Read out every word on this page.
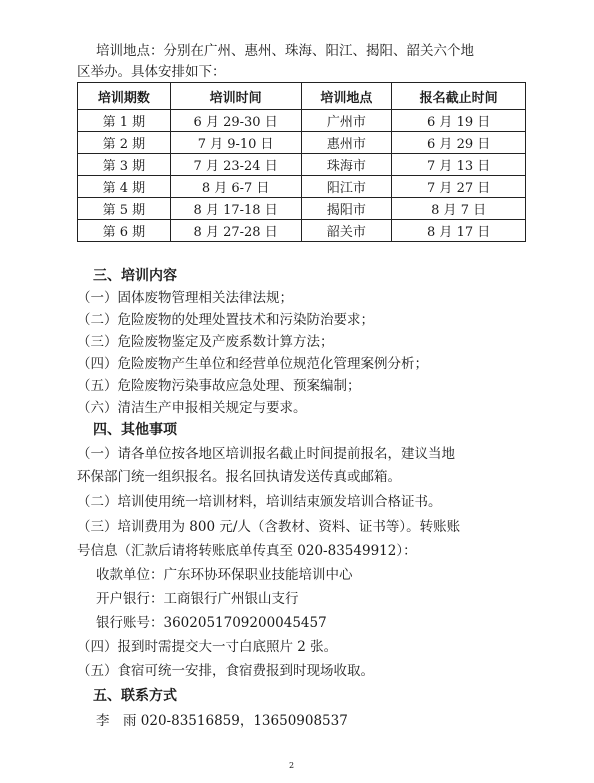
培训地点：分别在广州、惠州、珠海、阳江、揭阳、韶关六个地
区举办。具体安排如下：
培训期数	培训时间	培训地点	报名截止时间
第 1 期	6 月 29-30 日	广州市	6 月 19 日
第 2 期	7 月 9-10 日	惠州市	6 月 29 日
第 3 期	7 月 23-24 日	珠海市	7 月 13 日
第 4 期	8 月 6-7 日	阳江市	7 月 27 日
第 5 期	8 月 17-18 日	揭阳市	8 月 7 日
第 6 期	8 月 27-28 日	韶关市	8 月 17 日
三、培训内容
（一）固体废物管理相关法律法规；
（二）危险废物的处理处置技术和污染防治要求；
（三）危险废物鉴定及产废系数计算方法；
（四）危险废物产生单位和经营单位规范化管理案例分析；
（五）危险废物污染事故应急处理、预案编制；
（六）清洁生产申报相关规定与要求。
四、其他事项
（一）请各单位按各地区培训报名截止时间提前报名，建议当地
环保部门统一组织报名。报名回执请发送传真或邮箱。
（二）培训使用统一培训材料，培训结束颁发培训合格证书。
（三）培训费用为 800 元/人（含教材、资料、证书等）。转账账
号信息（汇款后请将转账底单传真至 020-83549912）：
收款单位：广东环协环保职业技能培训中心
开户银行：工商银行广州银山支行
银行账号：3602051709200045457
（四）报到时需提交大一寸白底照片 2 张。
（五）食宿可统一安排，食宿费报到时现场收取。
五、联系方式
李　雨 020-83516859，13650908537
2
